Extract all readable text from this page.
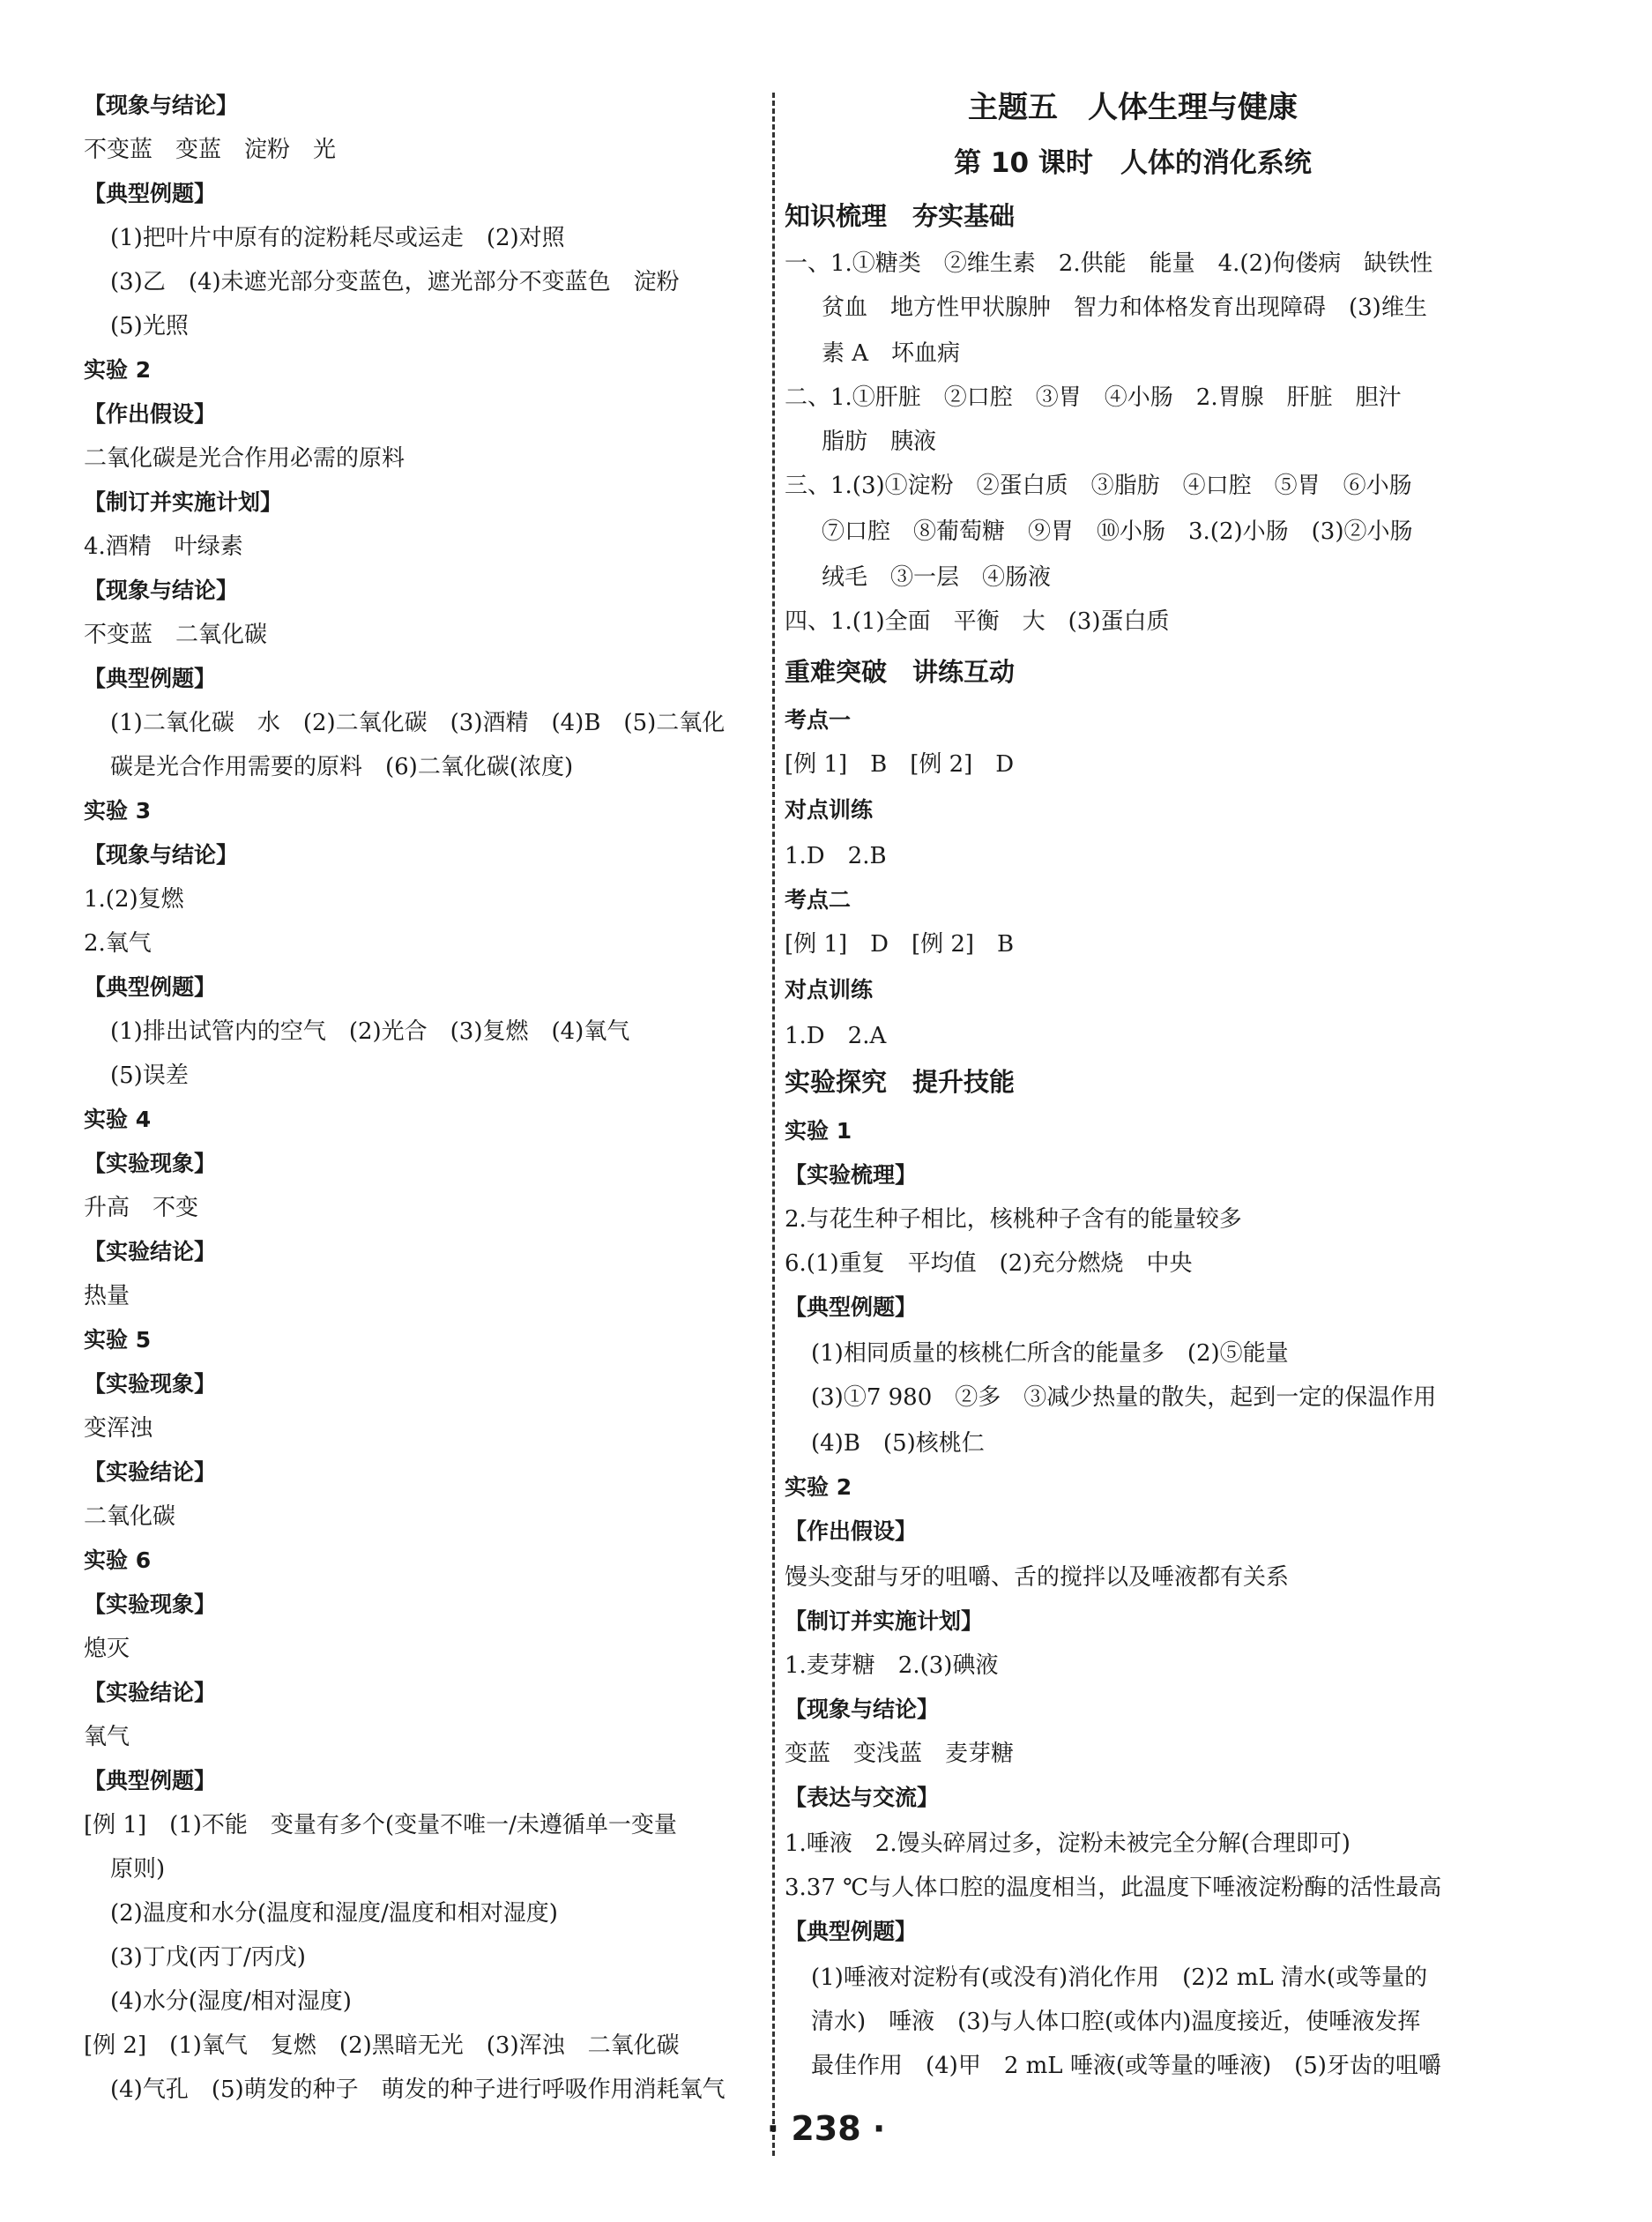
【现象与结论】
不变蓝　变蓝　淀粉　光
【典型例题】
(1)把叶片中原有的淀粉耗尽或运走　(2)对照
(3)乙　(4)未遮光部分变蓝色，遮光部分不变蓝色　淀粉
(5)光照
实验 2
【作出假设】
二氧化碳是光合作用必需的原料
【制订并实施计划】
4.酒精　叶绿素
【现象与结论】
不变蓝　二氧化碳
【典型例题】
(1)二氧化碳　水　(2)二氧化碳　(3)酒精　(4)B　(5)二氧化
碳是光合作用需要的原料　(6)二氧化碳(浓度)
实验 3
【现象与结论】
1.(2)复燃
2.氧气
【典型例题】
(1)排出试管内的空气　(2)光合　(3)复燃　(4)氧气
(5)误差
实验 4
【实验现象】
升高　不变
【实验结论】
热量
实验 5
【实验现象】
变浑浊
【实验结论】
二氧化碳
实验 6
【实验现象】
熄灭
【实验结论】
氧气
【典型例题】
[例 1]　(1)不能　变量有多个(变量不唯一/未遵循单一变量
原则)
(2)温度和水分(温度和湿度/温度和相对湿度)
(3)丁戊(丙丁/丙戊)
(4)水分(湿度/相对湿度)
[例 2]　(1)氧气　复燃　(2)黑暗无光　(3)浑浊　二氧化碳
(4)气孔　(5)萌发的种子　萌发的种子进行呼吸作用消耗氧气
主题五　人体生理与健康
第 10 课时　人体的消化系统
知识梳理　夯实基础
一、1.①糖类　②维生素　2.供能　能量　4.(2)佝偻病　缺铁性
贫血　地方性甲状腺肿　智力和体格发育出现障碍　(3)维生
素 A　坏血病
二、1.①肝脏　②口腔　③胃　④小肠　2.胃腺　肝脏　胆汁
脂肪　胰液
三、1.(3)①淀粉　②蛋白质　③脂肪　④口腔　⑤胃　⑥小肠
⑦口腔　⑧葡萄糖　⑨胃　⑩小肠　3.(2)小肠　(3)②小肠
绒毛　③一层　④肠液
四、1.(1)全面　平衡　大　(3)蛋白质
重难突破　讲练互动
考点一
[例 1]　B　[例 2]　D
对点训练
1.D　2.B
考点二
[例 1]　D　[例 2]　B
对点训练
1.D　2.A
实验探究　提升技能
实验 1
【实验梳理】
2.与花生种子相比，核桃种子含有的能量较多
6.(1)重复　平均值　(2)充分燃烧　中央
【典型例题】
(1)相同质量的核桃仁所含的能量多　(2)⑤能量
(3)①7 980　②多　③减少热量的散失，起到一定的保温作用
(4)B　(5)核桃仁
实验 2
【作出假设】
馒头变甜与牙的咀嚼、舌的搅拌以及唾液都有关系
【制订并实施计划】
1.麦芽糖　2.(3)碘液
【现象与结论】
变蓝　变浅蓝　麦芽糖
【表达与交流】
1.唾液　2.馒头碎屑过多，淀粉未被完全分解(合理即可)
3.37 ℃与人体口腔的温度相当，此温度下唾液淀粉酶的活性最高
【典型例题】
(1)唾液对淀粉有(或没有)消化作用　(2)2 mL 清水(或等量的
清水)　唾液　(3)与人体口腔(或体内)温度接近，使唾液发挥
最佳作用　(4)甲　2 mL 唾液(或等量的唾液)　(5)牙齿的咀嚼
· 238 ·
